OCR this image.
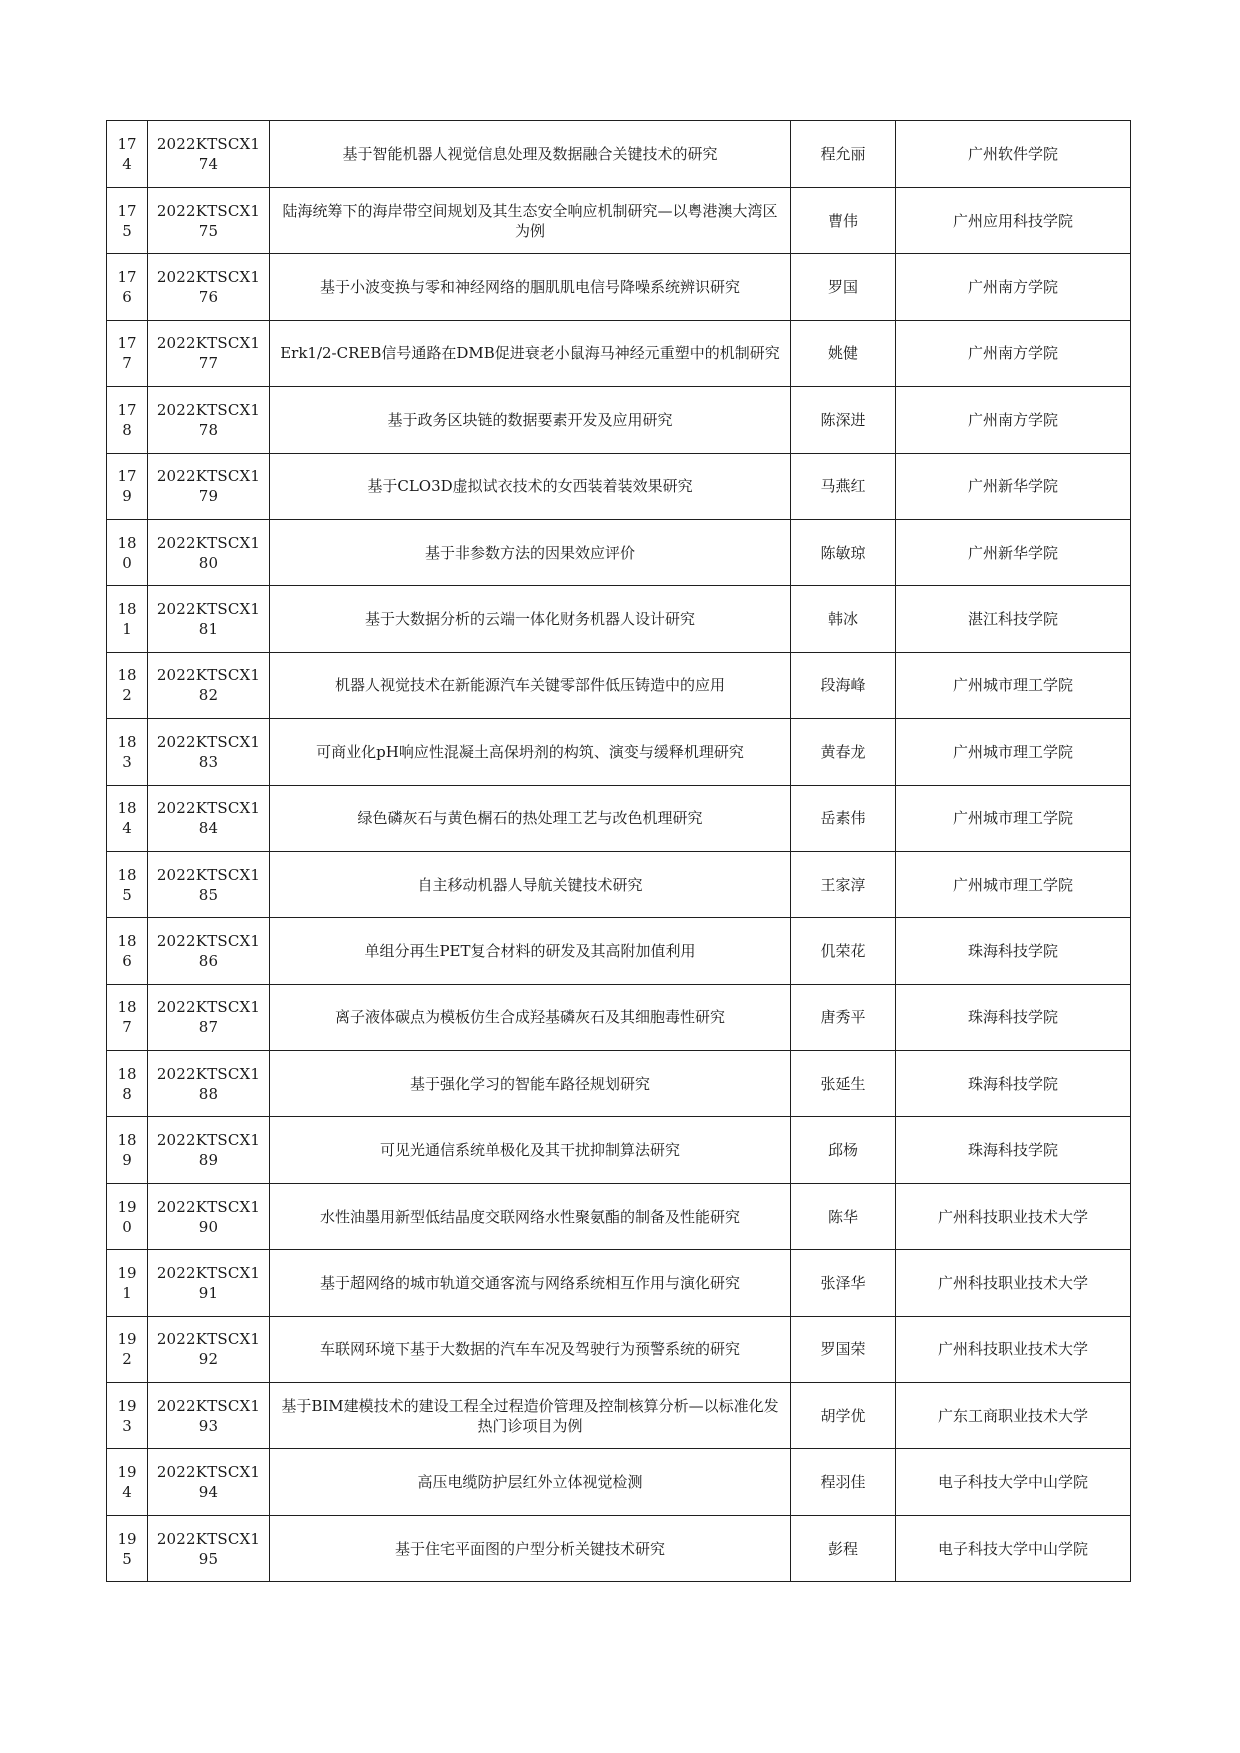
174	2022KTSCX174	基于智能机器人视觉信息处理及数据融合关键技术的研究	程允丽	广州软件学院
175	2022KTSCX175	陆海统筹下的海岸带空间规划及其生态安全响应机制研究—以粤港澳大湾区为例	曹伟	广州应用科技学院
176	2022KTSCX176	基于小波变换与零和神经网络的腘肌肌电信号降噪系统辨识研究	罗国	广州南方学院
177	2022KTSCX177	Erk1/2-CREB信号通路在DMB促进衰老小鼠海马神经元重塑中的机制研究	姚健	广州南方学院
178	2022KTSCX178	基于政务区块链的数据要素开发及应用研究	陈深进	广州南方学院
179	2022KTSCX179	基于CLO3D虚拟试衣技术的女西装着装效果研究	马燕红	广州新华学院
180	2022KTSCX180	基于非参数方法的因果效应评价	陈敏琼	广州新华学院
181	2022KTSCX181	基于大数据分析的云端一体化财务机器人设计研究	韩冰	湛江科技学院
182	2022KTSCX182	机器人视觉技术在新能源汽车关键零部件低压铸造中的应用	段海峰	广州城市理工学院
183	2022KTSCX183	可商业化pH响应性混凝土高保坍剂的构筑、演变与缓释机理研究	黄春龙	广州城市理工学院
184	2022KTSCX184	绿色磷灰石与黄色榍石的热处理工艺与改色机理研究	岳素伟	广州城市理工学院
185	2022KTSCX185	自主移动机器人导航关键技术研究	王家淳	广州城市理工学院
186	2022KTSCX186	单组分再生PET复合材料的研发及其高附加值利用	仉荣花	珠海科技学院
187	2022KTSCX187	离子液体碳点为模板仿生合成羟基磷灰石及其细胞毒性研究	唐秀平	珠海科技学院
188	2022KTSCX188	基于强化学习的智能车路径规划研究	张延生	珠海科技学院
189	2022KTSCX189	可见光通信系统单极化及其干扰抑制算法研究	邱杨	珠海科技学院
190	2022KTSCX190	水性油墨用新型低结晶度交联网络水性聚氨酯的制备及性能研究	陈华	广州科技职业技术大学
191	2022KTSCX191	基于超网络的城市轨道交通客流与网络系统相互作用与演化研究	张泽华	广州科技职业技术大学
192	2022KTSCX192	车联网环境下基于大数据的汽车车况及驾驶行为预警系统的研究	罗国荣	广州科技职业技术大学
193	2022KTSCX193	基于BIM建模技术的建设工程全过程造价管理及控制核算分析—以标准化发热门诊项目为例	胡学优	广东工商职业技术大学
194	2022KTSCX194	高压电缆防护层红外立体视觉检测	程羽佳	电子科技大学中山学院
195	2022KTSCX195	基于住宅平面图的户型分析关键技术研究	彭程	电子科技大学中山学院
